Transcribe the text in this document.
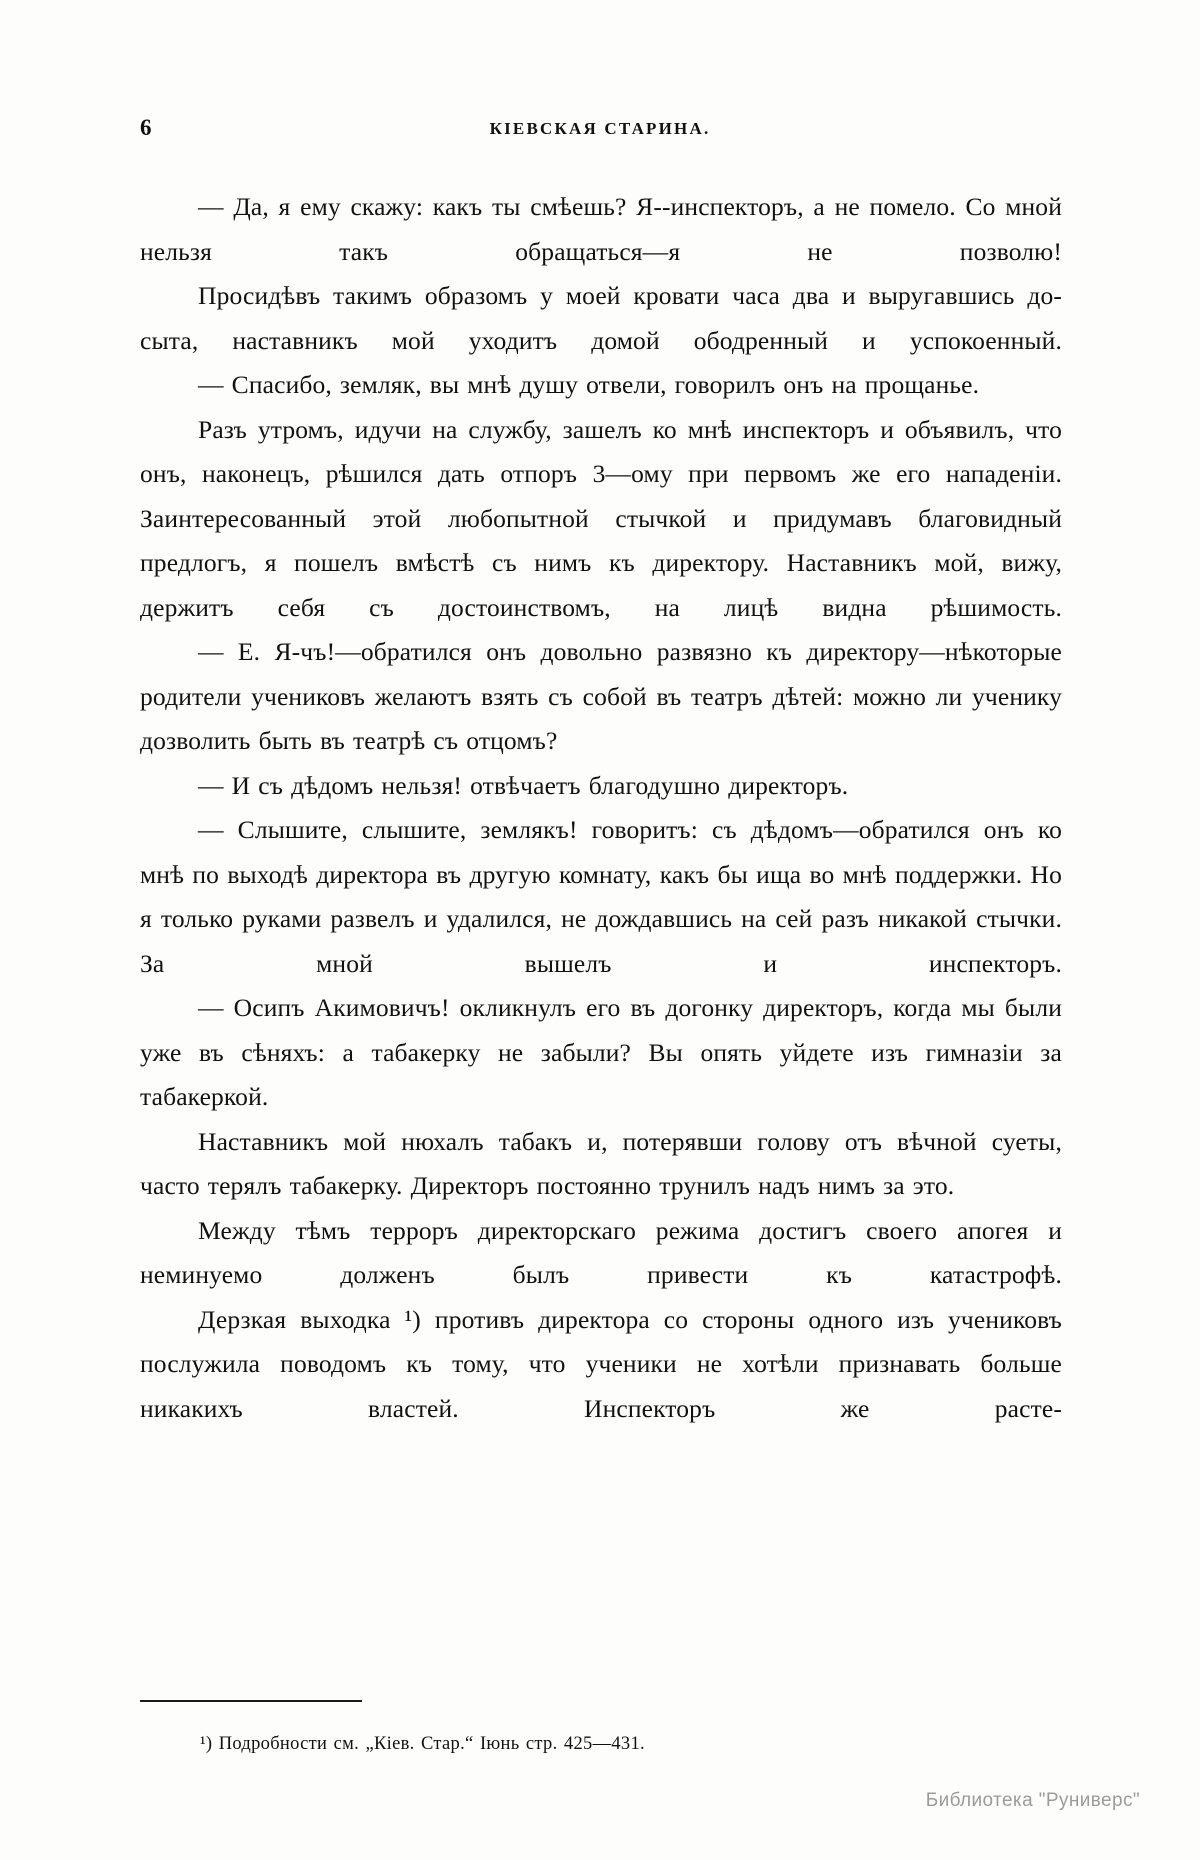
6	КІЕВСКАЯ СТАРИНА.

— Да, я ему скажу: какъ ты смѣешь? Я--инспекторъ, а не помело. Со мной нельзя такъ обращаться—я не позволю!

Просидѣвъ такимъ образомъ у моей кровати часа два и выругавшись до-сыта, наставникъ мой уходитъ домой ободренный и успокоенный.

— Спасибо, земляк, вы мнѣ душу отвели, говорилъ онъ на прощанье.

Разъ утромъ, идучи на службу, зашелъ ко мнѣ инспекторъ и объявилъ, что онъ, наконецъ, рѣшился дать отпоръ 3—ому при первомъ же его нападеніи. Заинтересованный этой любопытной стычкой и придумавъ благовидный предлогъ, я пошелъ вмѣстѣ съ нимъ къ директору. Наставникъ мой, вижу, держитъ себя съ достоинствомъ, на лицѣ видна рѣшимость.

— Е. Я-чъ!—обратился онъ довольно развязно къ директору—нѣкоторые родители учениковъ желаютъ взять съ собой въ театръ дѣтей: можно ли ученику дозволить быть въ театрѣ съ отцомъ?

— И съ дѣдомъ нельзя! отвѣчаетъ благодушно директоръ.

— Слышите, слышите, землякъ! говоритъ: съ дѣдомъ—обратился онъ ко мнѣ по выходѣ директора въ другую комнату, какъ бы ища во мнѣ поддержки. Но я только руками развелъ и удалился, не дождавшись на сей разъ никакой стычки. За мной вышелъ и инспекторъ.

— Осипъ Акимовичъ! окликнулъ его въ догонку директоръ, когда мы были уже въ сѣняхъ: а табакерку не забыли? Вы опять уйдете изъ гимназіи за табакеркой.

Наставникъ мой нюхалъ табакъ и, потерявши голову отъ вѣчной суеты, часто терялъ табакерку. Директоръ постоянно трунилъ надъ нимъ за это.

Между тѣмъ терроръ директорскаго режима достигъ своего апогея и неминуемо долженъ былъ привести къ катастрофѣ.

Дерзкая выходка ¹) противъ директора со стороны одного изъ учениковъ послужила поводомъ къ тому, что ученики не хотѣли признавать больше никакихъ властей. Инспекторъ же расте-

¹) Подробности см. „Кіев. Стар.“ Іюнь стр. 425—431.
Библиотека "Руниверс"
